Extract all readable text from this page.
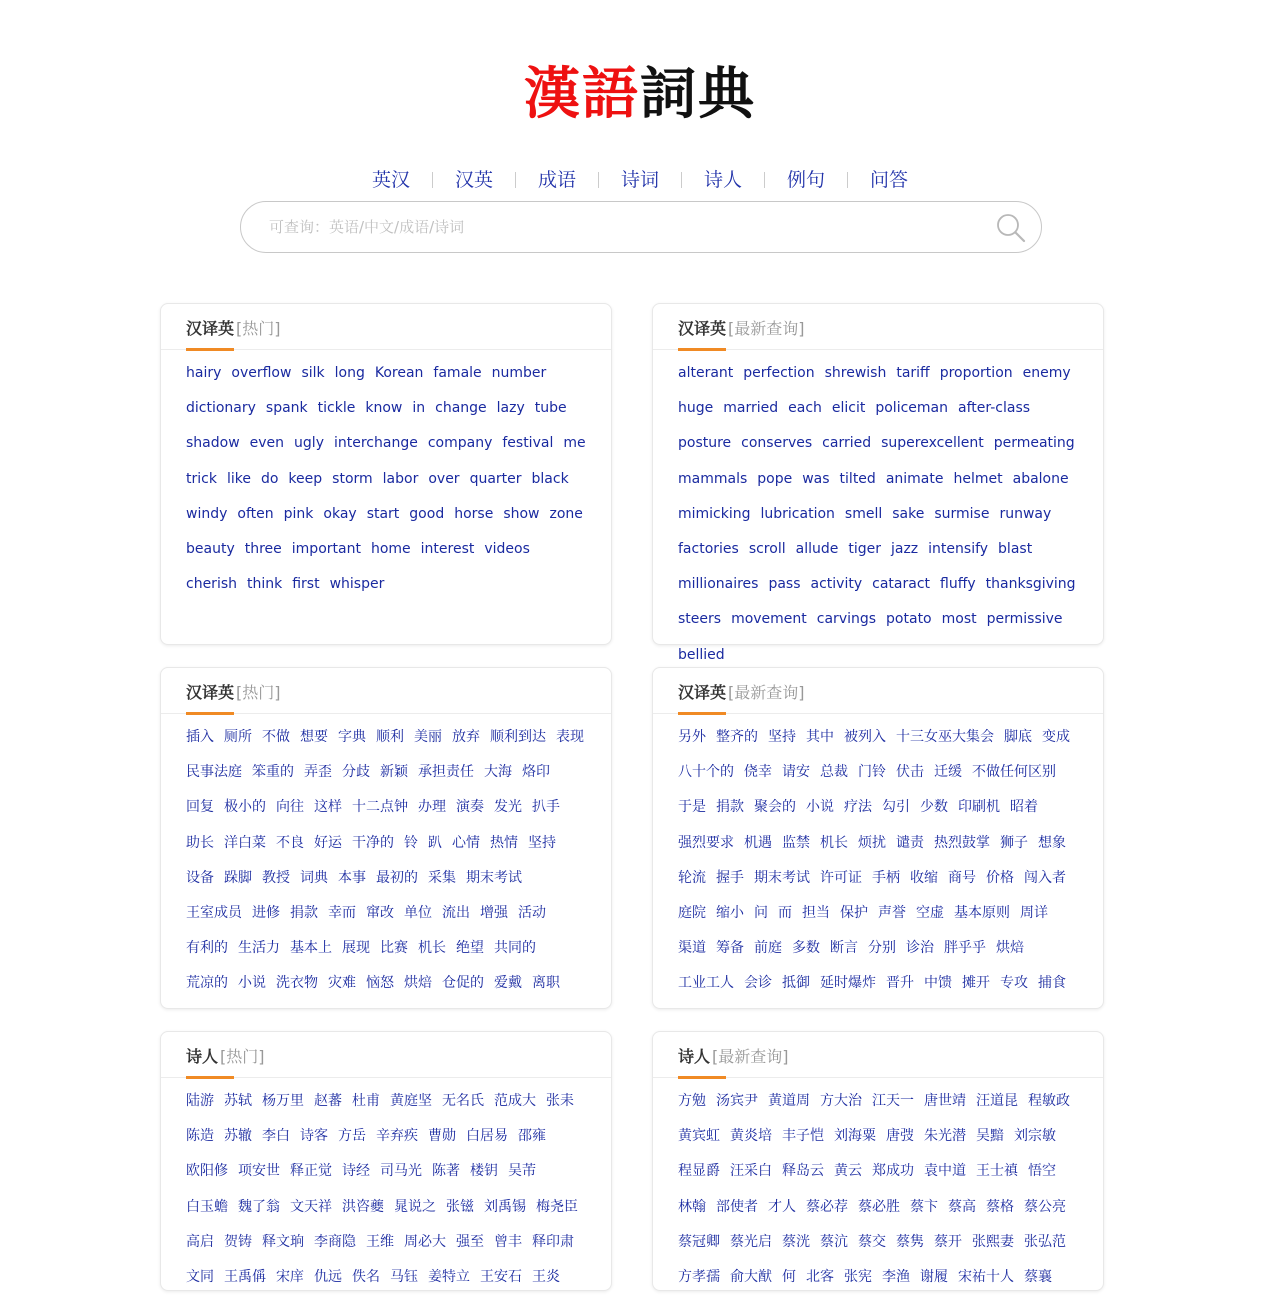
漢語詞典
英汉	汉英	成语	诗词	诗人	例句	问答
可查询：英语/中文/成语/诗词
汉译英 [热门]
hairy overflow silk long Korean famale number
dictionary spank tickle know in change lazy tube
shadow even ugly interchange company festival me
trick like do keep storm labor over quarter black
windy often pink okay start good horse show zone
beauty three important home interest videos
cherish think first whisper
汉译英 [最新查询]
alterant perfection shrewish tariff proportion enemy
huge married each elicit policeman after-class
posture conserves carried superexcellent permeating
mammals pope was tilted animate helmet abalone
mimicking lubrication smell sake surmise runway
factories scroll allude tiger jazz intensify blast
millionaires pass activity cataract fluffy thanksgiving
steers movement carvings potato most permissive
bellied
汉译英 [热门]
插入 厕所 不做 想要 字典 顺利 美丽 放弃 顺利到达 表现
民事法庭 笨重的 弄歪 分歧 新颖 承担责任 大海 烙印
回复 极小的 向往 这样 十二点钟 办理 演奏 发光 扒手
助长 洋白菜 不良 好运 干净的 铃 趴 心情 热情 坚持
设备 跺脚 教授 词典 本事 最初的 采集 期末考试
王室成员 进修 捐款 幸而 窜改 单位 流出 增强 活动
有利的 生活力 基本上 展现 比赛 机长 绝望 共同的
荒凉的 小说 洗衣物 灾难 恼怒 烘焙 仓促的 爱戴 离职
汉译英 [最新查询]
另外 整齐的 坚持 其中 被列入 十三女巫大集会 脚底 变成
八十个的 侥幸 请安 总裁 门铃 伏击 迁缓 不做任何区别
于是 捐款 聚会的 小说 疗法 勾引 少数 印刷机 昭着
强烈要求 机遇 监禁 机长 烦扰 谴责 热烈鼓掌 狮子 想象
轮流 握手 期末考试 许可证 手柄 收缩 商号 价格 闯入者
庭院 缩小 问 而 担当 保护 声誉 空虚 基本原则 周详
渠道 筹备 前庭 多数 断言 分别 诊治 胖乎乎 烘焙
工业工人 会诊 抵御 延时爆炸 晋升 中馈 摊开 专攻 捕食
诗人 [热门]
陆游 苏轼 杨万里 赵蕃 杜甫 黄庭坚 无名氏 范成大 张耒
陈造 苏辙 李白 诗客 方岳 辛弃疾 曹勋 白居易 邵雍
欧阳修 项安世 释正觉 诗经 司马光 陈著 楼钥 吴芾
白玉蟾 魏了翁 文天祥 洪咨夔 晁说之 张镃 刘禹锡 梅尧臣
高启 贺铸 释文珦 李商隐 王维 周必大 强至 曾丰 释印肃
文同 王禹偁 宋庠 仇远 佚名 马钰 姜特立 王安石 王炎
诗人 [最新查询]
方勉 汤宾尹 黄道周 方大治 江天一 唐世靖 汪道昆 程敏政
黄宾虹 黄炎培 丰子恺 刘海粟 唐弢 朱光潜 吴黯 刘宗敏
程显爵 汪采白 释岛云 黄云 郑成功 袁中道 王士禛 悟空
林翰 部使者 才人 蔡必荐 蔡必胜 蔡卞 蔡高 蔡格 蔡公亮
蔡冠卿 蔡光启 蔡洸 蔡沆 蔡交 蔡隽 蔡开 张熙妻 张弘范
方孝孺 俞大猷 何 北客 张宪 李渔 谢履 宋祐十人 蔡襄
